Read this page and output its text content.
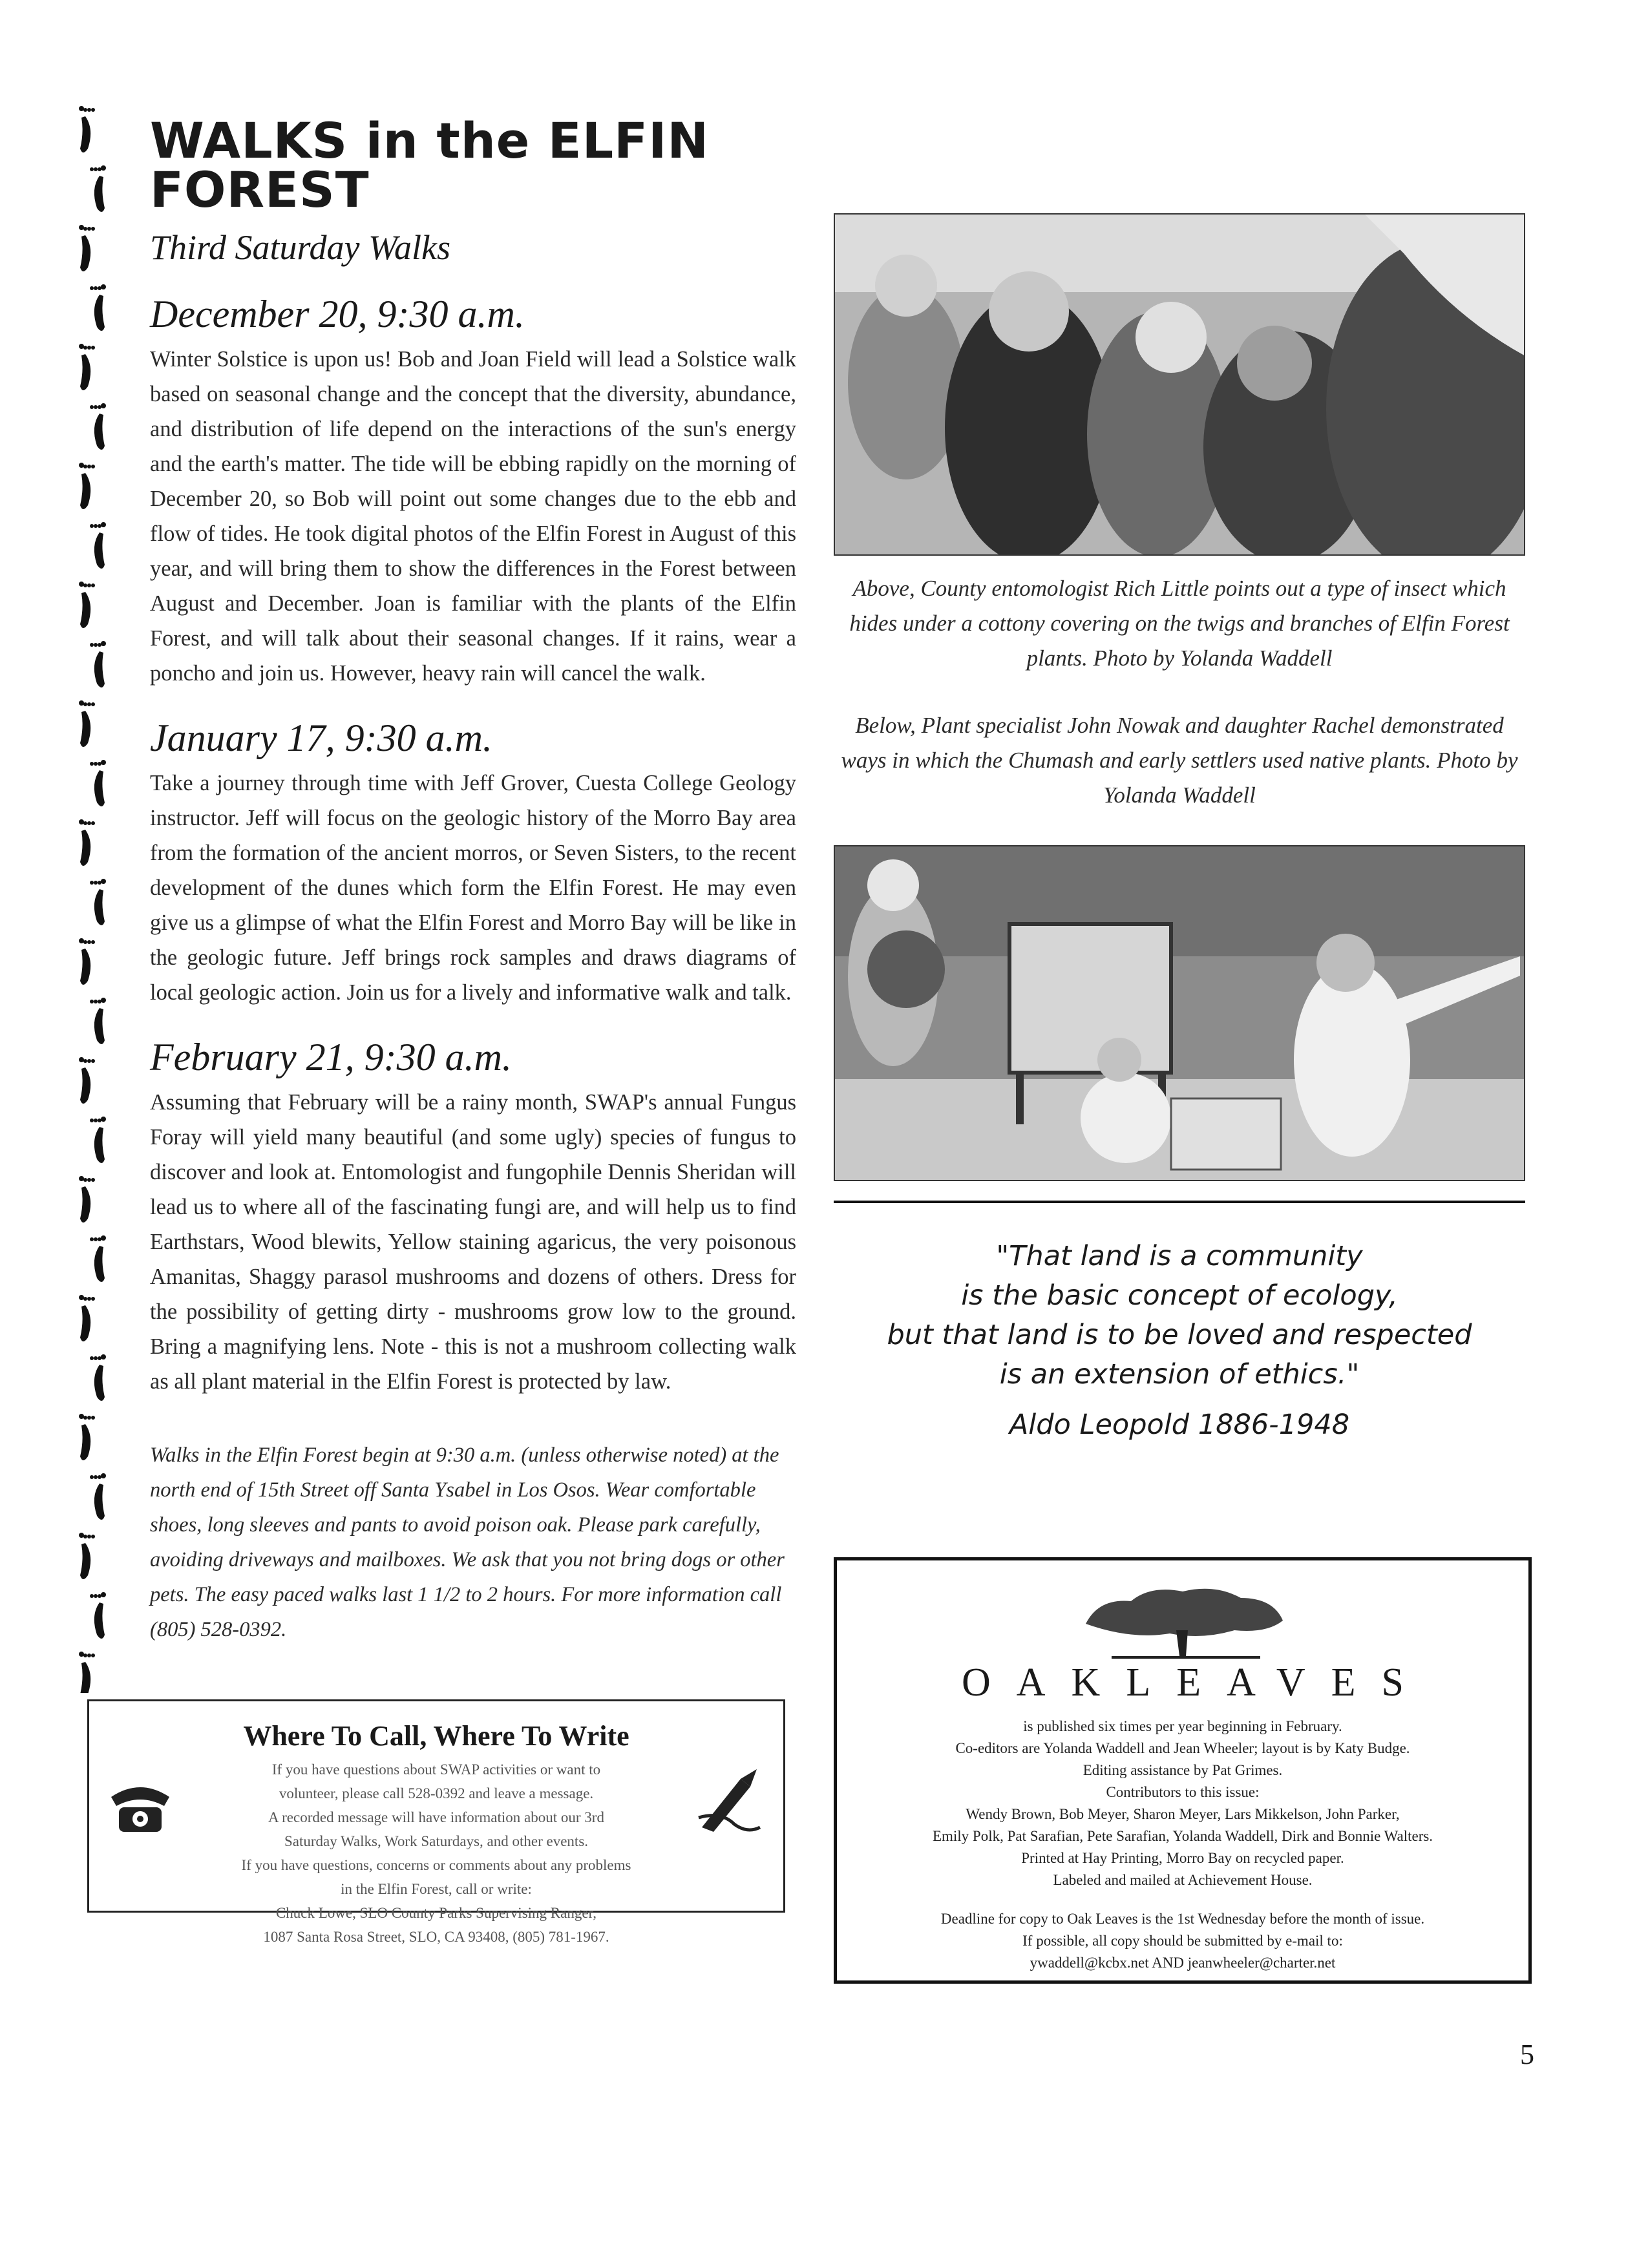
WALKS in the ELFIN FOREST

Third Saturday Walks

December 20, 9:30 a.m.

Winter Solstice is upon us! Bob and Joan Field will lead a Solstice walk based on seasonal change and the concept that the diversity, abundance, and distribution of life depend on the interactions of the sun's energy and the earth's matter. The tide will be ebbing rapidly on the morning of December 20, so Bob will point out some changes due to the ebb and flow of tides. He took digital photos of the Elfin Forest in August of this year, and will bring them to show the differences in the Forest between August and December. Joan is familiar with the plants of the Elfin Forest, and will talk about their seasonal changes. If it rains, wear a poncho and join us. However, heavy rain will cancel the walk.

January 17, 9:30 a.m.

Take a journey through time with Jeff Grover, Cuesta College Geology instructor. Jeff will focus on the geologic history of the Morro Bay area from the formation of the ancient morros, or Seven Sisters, to the recent development of the dunes which form the Elfin Forest. He may even give us a glimpse of what the Elfin Forest and Morro Bay will be like in the geologic future. Jeff brings rock samples and draws diagrams of local geologic action. Join us for a lively and informative walk and talk.

February 21, 9:30 a.m.

Assuming that February will be a rainy month, SWAP's annual Fungus Foray will yield many beautiful (and some ugly) species of fungus to discover and look at. Entomologist and fungophile Dennis Sheridan will lead us to where all of the fascinating fungi are, and will help us to find Earthstars, Wood blewits, Yellow staining agaricus, the very poisonous Amanitas, Shaggy parasol mushrooms and dozens of others. Dress for the possibility of getting dirty - mushrooms grow low to the ground. Bring a magnifying lens. Note - this is not a mushroom collecting walk as all plant material in the Elfin Forest is protected by law.

Walks in the Elfin Forest begin at 9:30 a.m. (unless otherwise noted) at the north end of 15th Street off Santa Ysabel in Los Osos. Wear comfortable shoes, long sleeves and pants to avoid poison oak. Please park carefully, avoiding driveways and mailboxes. We ask that you not bring dogs or other pets. The easy paced walks last 1 1/2 to 2 hours. For more information call (805) 528-0392.

Where To Call, Where To Write

If you have questions about SWAP activities or want to
volunteer, please call 528-0392 and leave a message.
A recorded message will have information about our 3rd
Saturday Walks, Work Saturdays, and other events.
If you have questions, concerns or comments about any problems
in the Elfin Forest, call or write:
Chuck Lowe, SLO County Parks Supervising Ranger,
1087 Santa Rosa Street, SLO, CA 93408, (805) 781-1967.

Above, County entomologist Rich Little points out a type of insect which hides under a cottony covering on the twigs and branches of Elfin Forest plants. Photo by Yolanda Waddell

Below, Plant specialist John Nowak and daughter Rachel demonstrated ways in which the Chumash and early settlers used native plants. Photo by Yolanda Waddell

"That land is a community
is the basic concept of ecology,
but that land is to be loved and respected
is an extension of ethics."

Aldo Leopold 1886-1948

OAKLEAVES

is published six times per year beginning in February.

Co-editors are Yolanda Waddell and Jean Wheeler; layout is by Katy Budge.

Editing assistance by Pat Grimes.

Contributors to this issue:

Wendy Brown, Bob Meyer, Sharon Meyer, Lars Mikkelson, John Parker,

Emily Polk, Pat Sarafian, Pete Sarafian, Yolanda Waddell, Dirk and Bonnie Walters.

Printed at Hay Printing, Morro Bay on recycled paper.

Labeled and mailed at Achievement House.

Deadline for copy to Oak Leaves is the 1st Wednesday before the month of issue.

If possible, all copy should be submitted by e-mail to:

ywaddell@kcbx.net AND jeanwheeler@charter.net

5
